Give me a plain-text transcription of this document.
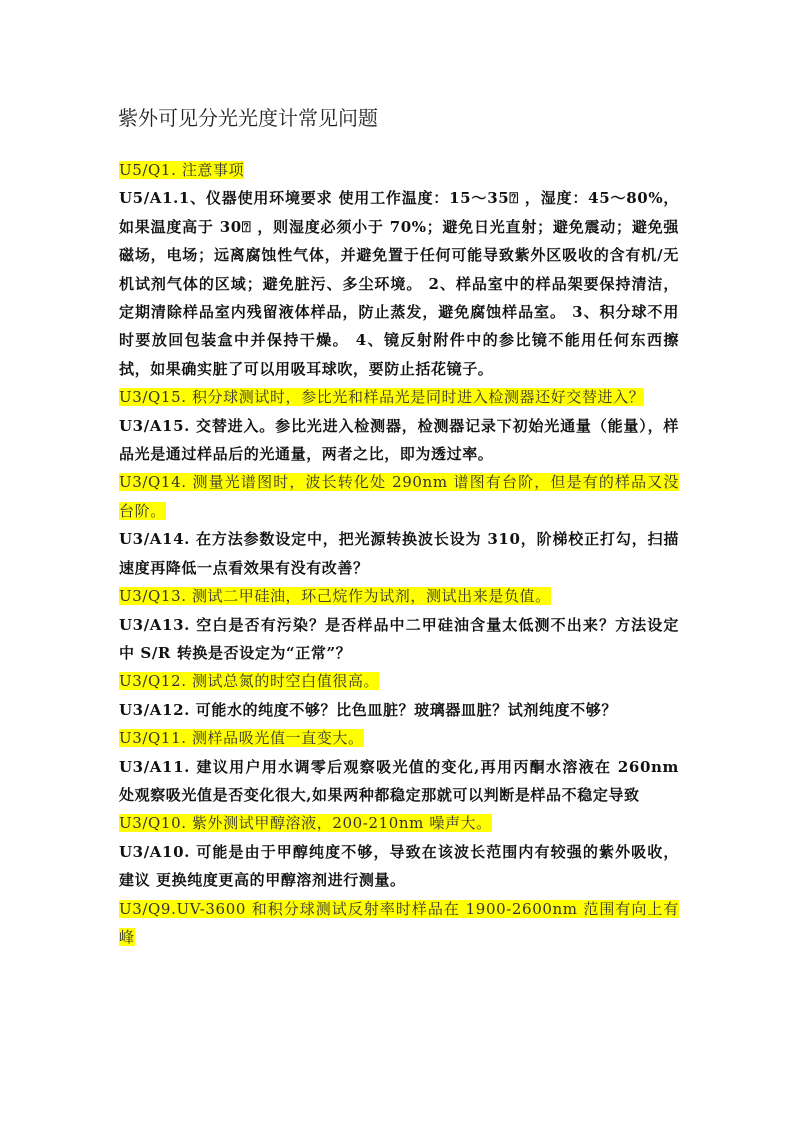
紫外可见分光光度计常见问题

U5/Q1. 注意事项

U5/A1.1、仪器使用环境要求 使用工作温度：15～35⍰ ，湿度：45～80%，如果温度高于 30⍰ ，则湿度必须小于 70%；避免日光直射；避免震动；避免强磁场，电场；远离腐蚀性气体，并避免置于任何可能导致紫外区吸收的含有机/无机试剂气体的区域；避免脏污、多尘环境。 2、样品室中的样品架要保持清洁，定期清除样品室内残留液体样品，防止蒸发，避免腐蚀样品室。 3、积分球不用时要放回包装盒中并保持干燥。 4、镜反射附件中的参比镜不能用任何东西擦拭，如果确实脏了可以用吸耳球吹，要防止括花镜子。

U3/Q15. 积分球测试时，参比光和样品光是同时进入检测器还好交替进入？

U3/A15. 交替进入。参比光进入检测器，检测器记录下初始光通量（能量），样品光是通过样品后的光通量，两者之比，即为透过率。

U3/Q14. 测量光谱图时，波长转化处 290nm 谱图有台阶，但是有的样品又没台阶。

U3/A14. 在方法参数设定中，把光源转换波长设为 310，阶梯校正打勾，扫描速度再降低一点看效果有没有改善？

U3/Q13. 测试二甲硅油，环己烷作为试剂，测试出来是负值。

U3/A13. 空白是否有污染？是否样品中二甲硅油含量太低测不出来？方法设定中 S/R 转换是否设定为“正常”？

U3/Q12. 测试总氮的时空白值很高。

U3/A12. 可能水的纯度不够？比色皿脏？玻璃器皿脏？试剂纯度不够？

U3/Q11. 测样品吸光值一直变大。

U3/A11. 建议用户用水调零后观察吸光值的变化,再用丙酮水溶液在 260nm 处观察吸光值是否变化很大,如果两种都稳定那就可以判断是样品不稳定导致

U3/Q10. 紫外测试甲醇溶液，200-210nm 噪声大。

U3/A10. 可能是由于甲醇纯度不够，导致在该波长范围内有较强的紫外吸收，建议 更换纯度更高的甲醇溶剂进行测量。

U3/Q9.UV-3600 和积分球测试反射率时样品在 1900-2600nm 范围有向上有峰
